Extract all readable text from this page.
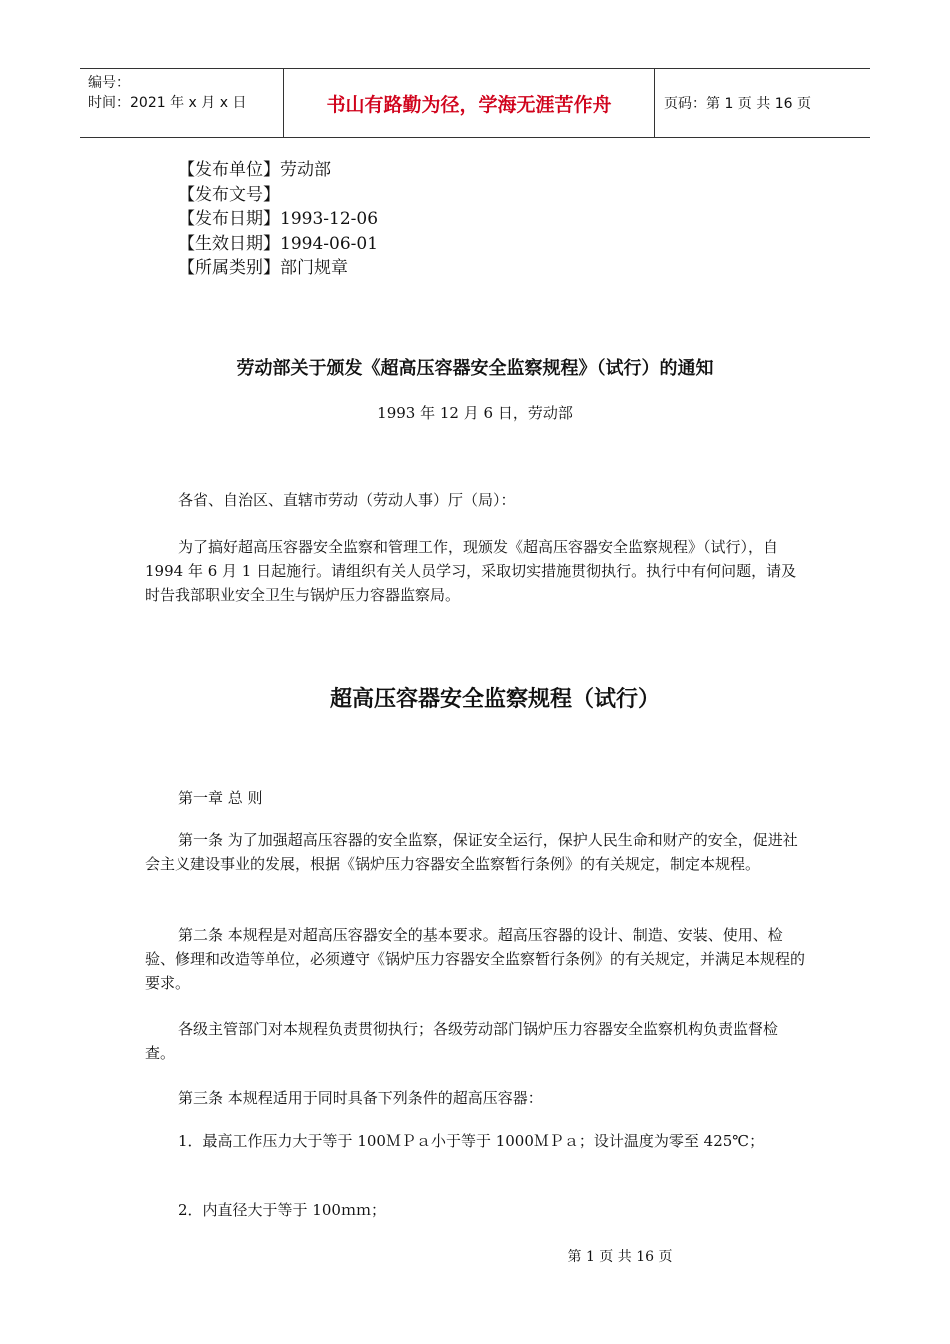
编号：
时间：2021 年 x 月 x 日	书山有路勤为径，学海无涯苦作舟	页码：第 1 页 共 16 页
【发布单位】劳动部
【发布文号】
【发布日期】1993-12-06
【生效日期】1994-06-01
【所属类别】部门规章
劳动部关于颁发《超高压容器安全监察规程》（试行）的通知
1993 年 12 月 6 日，劳动部
各省、自治区、直辖市劳动（劳动人事）厅（局）：
为了搞好超高压容器安全监察和管理工作，现颁发《超高压容器安全监察规程》（试行），自 1994 年 6 月 1 日起施行。请组织有关人员学习，采取切实措施贯彻执行。执行中有何问题，请及时告我部职业安全卫生与锅炉压力容器监察局。
超高压容器安全监察规程（试行）
第一章 总 则
第一条 为了加强超高压容器的安全监察，保证安全运行，保护人民生命和财产的安全，促进社会主义建设事业的发展，根据《锅炉压力容器安全监察暂行条例》的有关规定，制定本规程。
第二条 本规程是对超高压容器安全的基本要求。超高压容器的设计、制造、安装、使用、检验、修理和改造等单位，必须遵守《锅炉压力容器安全监察暂行条例》的有关规定，并满足本规程的要求。
各级主管部门对本规程负责贯彻执行；各级劳动部门锅炉压力容器安全监察机构负责监督检查。
第三条 本规程适用于同时具备下列条件的超高压容器：
1．最高工作压力大于等于 100ＭＰａ小于等于 1000ＭＰａ；设计温度为零至 425℃；
2．内直径大于等于 100ｍｍ；
第 1 页 共 16 页
